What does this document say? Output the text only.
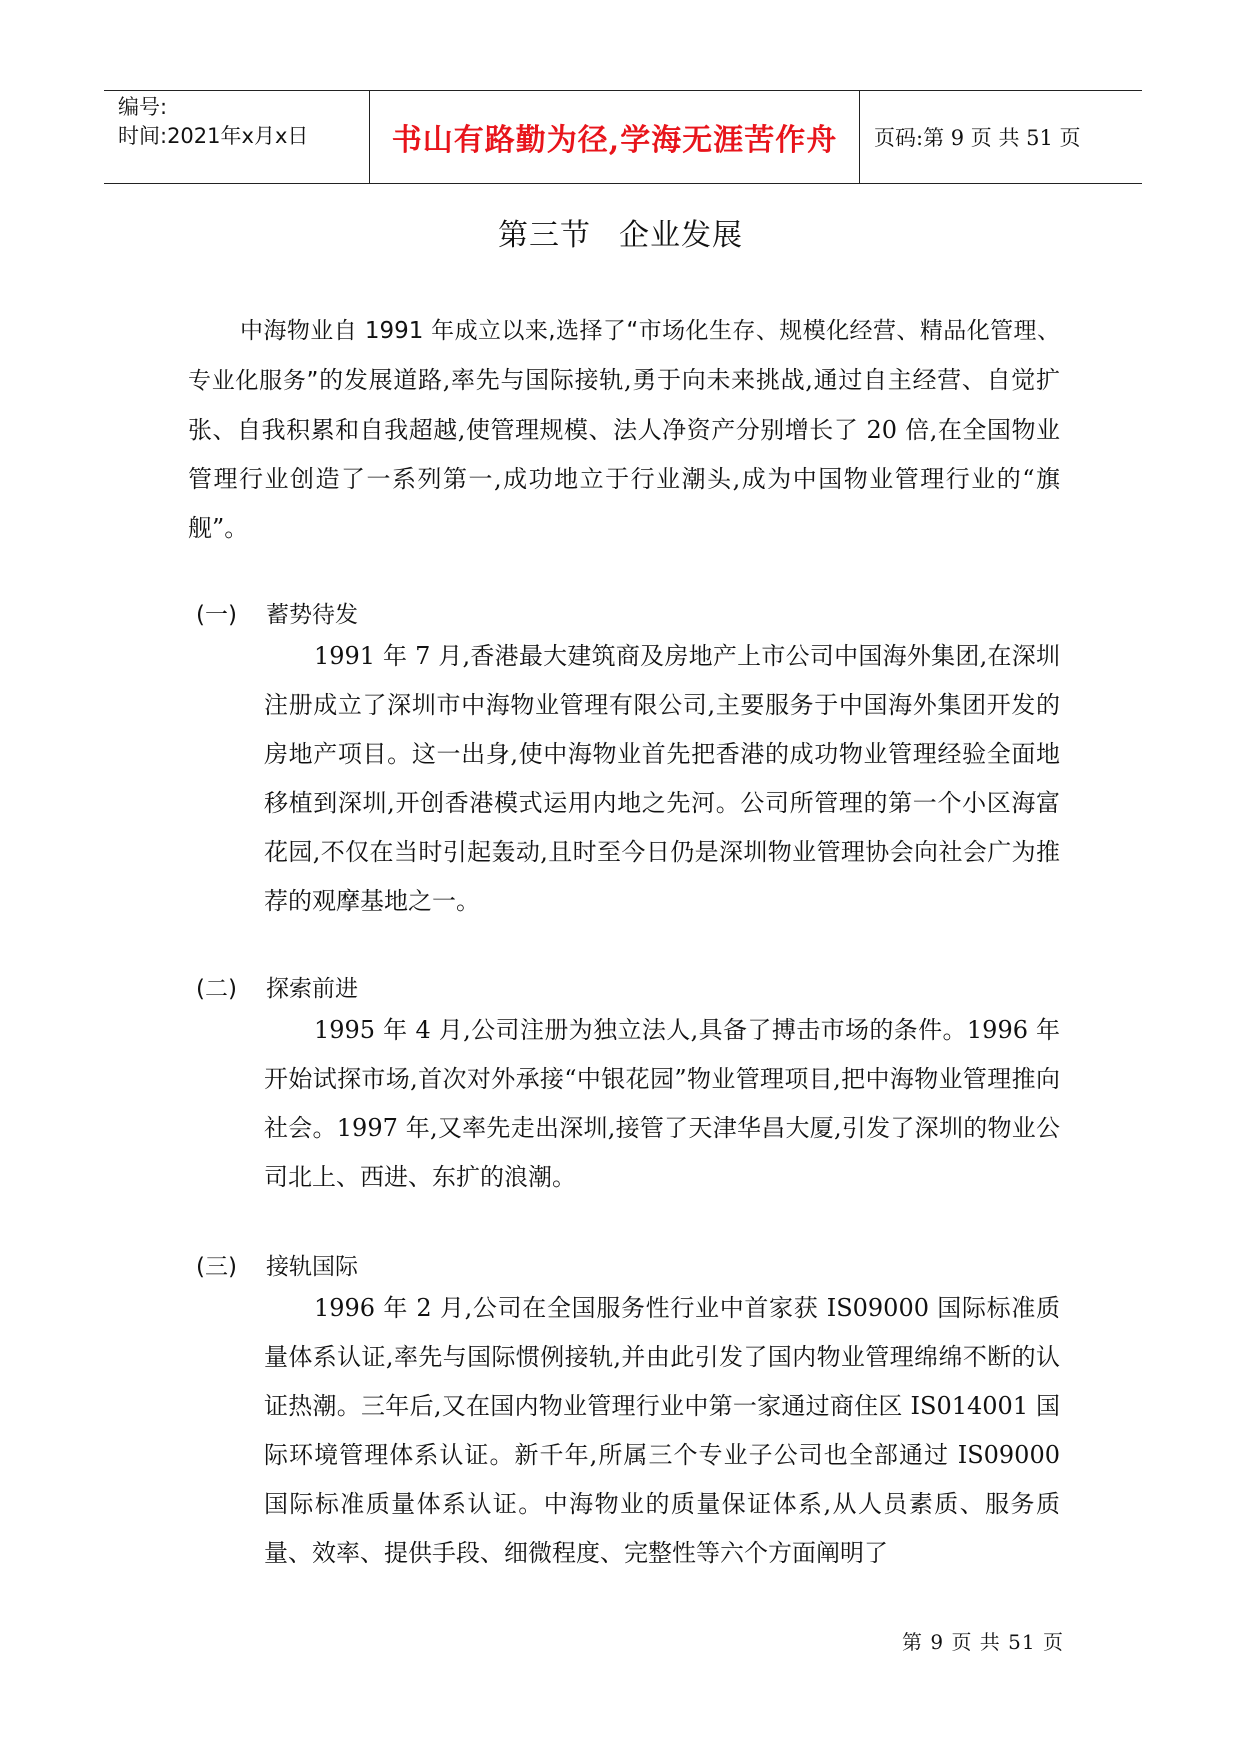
编号:
时间:2021年x月x日	书山有路勤为径,学海无涯苦作舟	页码:第 9 页 共 51 页
第三节 企业发展

中海物业自 1991 年成立以来,选择了“市场化生存、规模化经营、精品化管理、专业化服务”的发展道路,率先与国际接轨,勇于向未来挑战,通过自主经营、自觉扩张、自我积累和自我超越,使管理规模、法人净资产分别增长了 20 倍,在全国物业管理行业创造了一系列第一,成功地立于行业潮头,成为中国物业管理行业的“旗舰”。

(一) 蓄势待发

1991 年 7 月,香港最大建筑商及房地产上市公司中国海外集团,在深圳注册成立了深圳市中海物业管理有限公司,主要服务于中国海外集团开发的房地产项目。这一出身,使中海物业首先把香港的成功物业管理经验全面地移植到深圳,开创香港模式运用内地之先河。公司所管理的第一个小区海富花园,不仅在当时引起轰动,且时至今日仍是深圳物业管理协会向社会广为推荐的观摩基地之一。

(二) 探索前进

1995 年 4 月,公司注册为独立法人,具备了搏击市场的条件。1996 年开始试探市场,首次对外承接“中银花园”物业管理项目,把中海物业管理推向社会。1997 年,又率先走出深圳,接管了天津华昌大厦,引发了深圳的物业公司北上、西进、东扩的浪潮。

(三) 接轨国际

1996 年 2 月,公司在全国服务性行业中首家获 IS09000 国际标准质量体系认证,率先与国际惯例接轨,并由此引发了国内物业管理绵绵不断的认证热潮。三年后,又在国内物业管理行业中第一家通过商住区 IS014001 国际环境管理体系认证。新千年,所属三个专业子公司也全部通过 IS09000 国际标准质量体系认证。中海物业的质量保证体系,从人员素质、服务质量、效率、提供手段、细微程度、完整性等六个方面阐明了

第 9 页 共 51 页
